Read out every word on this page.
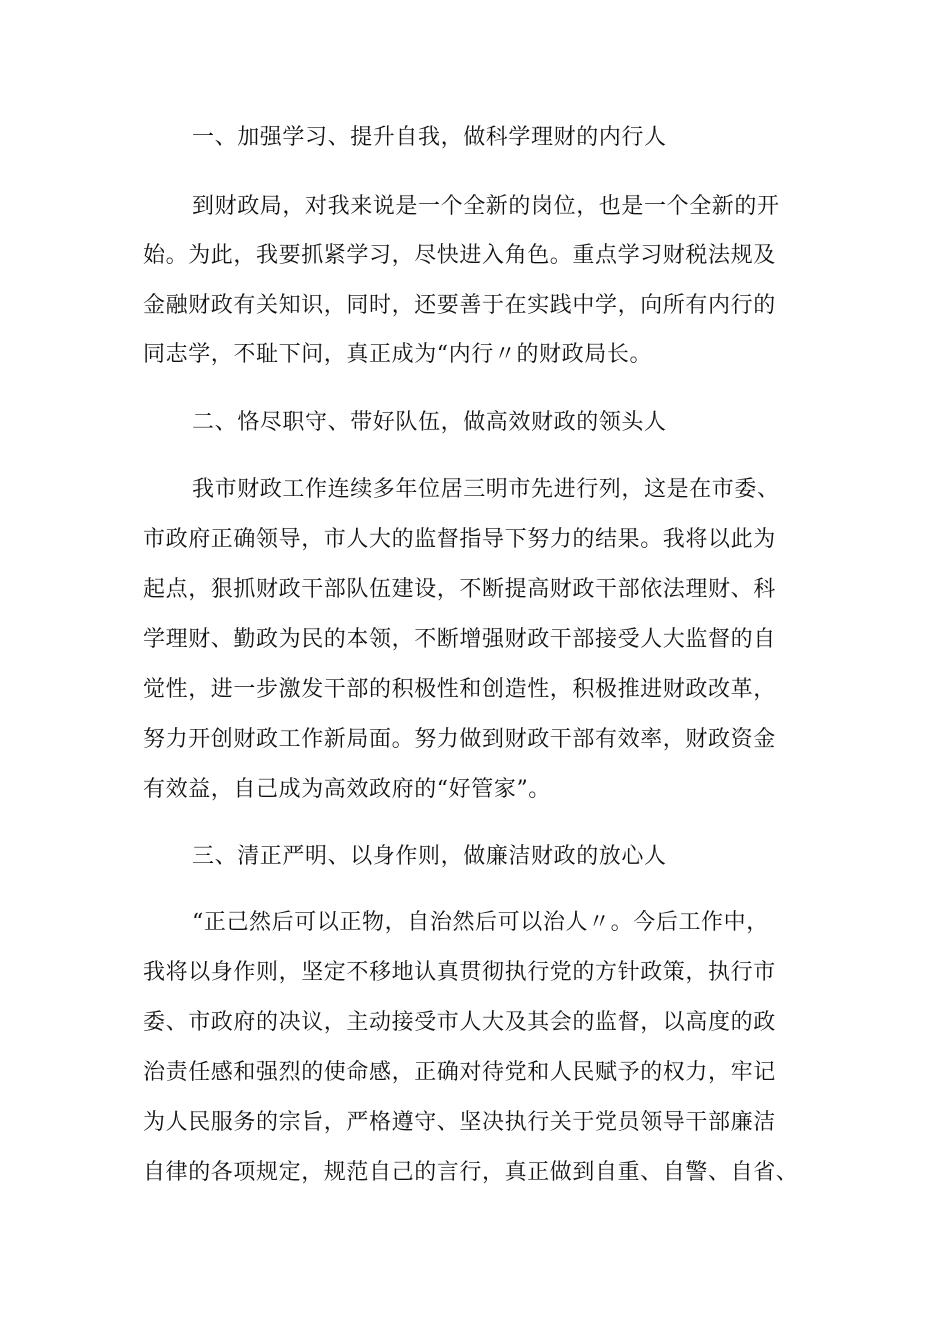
一、加强学习、提升自我，做科学理财的内行人
到财政局，对我来说是一个全新的岗位，也是一个全新的开
始。为此，我要抓紧学习，尽快进入角色。重点学习财税法规及
金融财政有关知识，同时，还要善于在实践中学，向所有内行的
同志学，不耻下问，真正成为“内行〃的财政局长。
二、恪尽职守、带好队伍，做高效财政的领头人
我市财政工作连续多年位居三明市先进行列，这是在市委、
市政府正确领导，市人大的监督指导下努力的结果。我将以此为
起点，狠抓财政干部队伍建设，不断提高财政干部依法理财、科
学理财、勤政为民的本领，不断增强财政干部接受人大监督的自
觉性，进一步激发干部的积极性和创造性，积极推进财政改革，
努力开创财政工作新局面。努力做到财政干部有效率，财政资金
有效益，自己成为高效政府的“好管家”。
三、清正严明、以身作则，做廉洁财政的放心人
“正己然后可以正物，自治然后可以治人〃。今后工作中，
我将以身作则，坚定不移地认真贯彻执行党的方针政策，执行市
委、市政府的决议，主动接受市人大及其会的监督，以高度的政
治责任感和强烈的使命感，正确对待党和人民赋予的权力，牢记
为人民服务的宗旨，严格遵守、坚决执行关于党员领导干部廉洁
自律的各项规定，规范自己的言行，真正做到自重、自警、自省、
